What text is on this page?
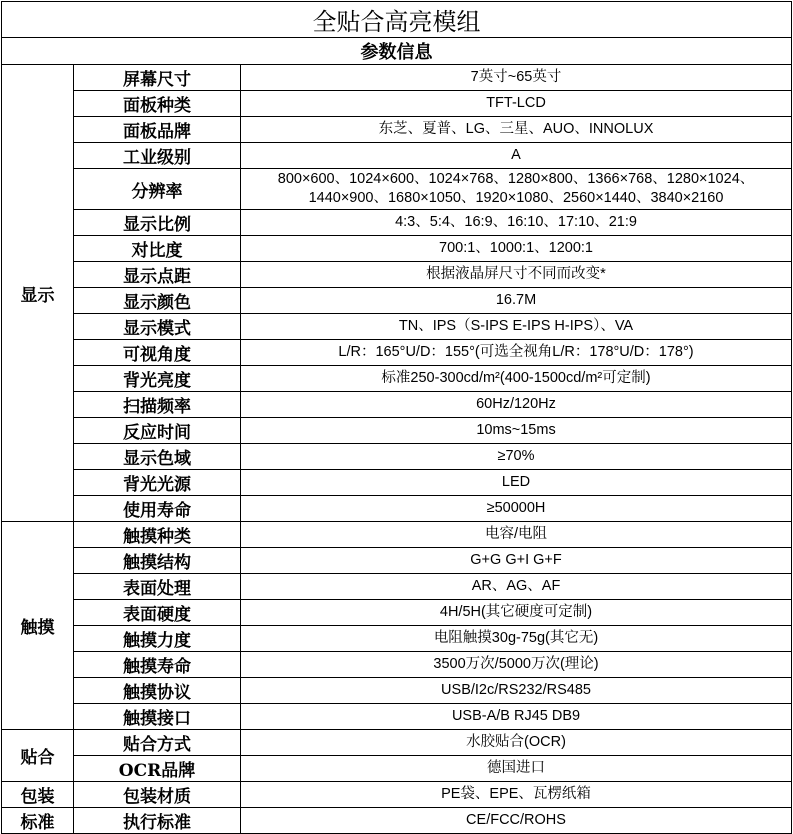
全贴合高亮模组		
参数信息		
显示	屏幕尺寸	7英寸~65英寸
	面板种类	TFT-LCD
	面板品牌	东芝、夏普、LG、三星、AUO、INNOLUX
	工业级别	A
	分辨率	800×600、1024×600、1024×768、1280×800、1366×768、1280×1024、1440×900、1680×1050、1920×1080、2560×1440、3840×2160
	显示比例	4:3、5:4、16:9、16:10、17:10、21:9
	对比度	700:1、1000:1、1200:1
	显示点距	根据液晶屏尺寸不同而改变*
	显示颜色	16.7M
	显示模式	TN、IPS（S-IPS E-IPS H-IPS）、VA
	可视角度	L/R：165°U/D：155°(可选全视角L/R：178°U/D：178°)
	背光亮度	标准250-300cd/m²(400-1500cd/m²可定制)
	扫描频率	60Hz/120Hz
	反应时间	10ms~15ms
	显示色域	≥70%
	背光光源	LED
	使用寿命	≥50000H
触摸	触摸种类	电容/电阻
	触摸结构	G+G G+I G+F
	表面处理	AR、AG、AF
	表面硬度	4H/5H(其它硬度可定制)
	触摸力度	电阻触摸30g-75g(其它无)
	触摸寿命	3500万次/5000万次(理论)
	触摸协议	USB/I2c/RS232/RS485
	触摸接口	USB-A/B RJ45 DB9
贴合	贴合方式	水胶贴合(OCR)
	OCR品牌	德国进口
包装	包装材质	PE袋、EPE、瓦楞纸箱
标准	执行标准	CE/FCC/ROHS
